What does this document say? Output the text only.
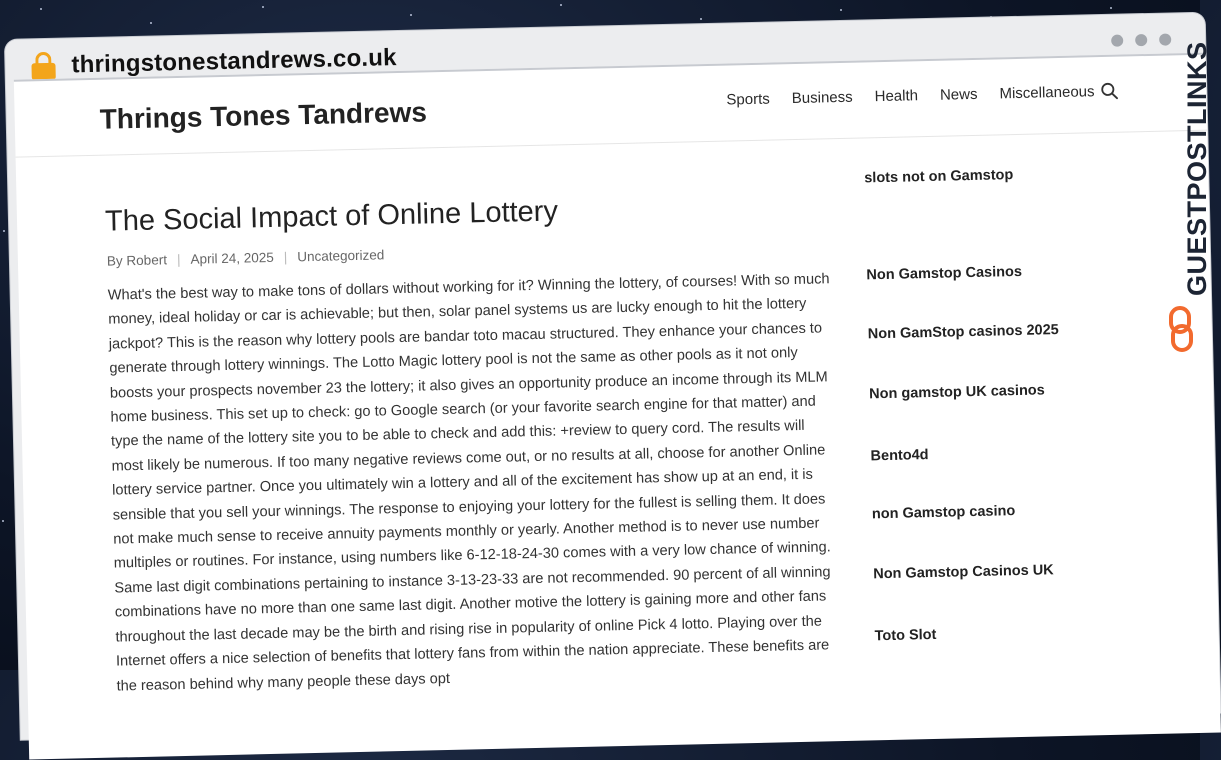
thringstonestandrews.co.uk
Thrings Tones Tandrews	Sports Business Health News Miscellaneous
The Social Impact of Online Lottery
By Robert | April 24, 2025 | Uncategorized

What's the best way to make tons of dollars without working for it? Winning the lottery, of courses! With so much money, ideal holiday or car is achievable; but then, solar panel systems us are lucky enough to hit the lottery jackpot? This is the reason why lottery pools are bandar toto macau structured. They enhance your chances to generate through lottery winnings. The Lotto Magic lottery pool is not the same as other pools as it not only boosts your prospects november 23 the lottery; it also gives an opportunity produce an income through its MLM home business. This set up to check: go to Google search (or your favorite search engine for that matter) and type the name of the lottery site you to be able to check and add this: +review to query cord. The results will most likely be numerous. If too many negative reviews come out, or no results at all, choose for another Online lottery service partner. Once you ultimately win a lottery and all of the excitement has show up at an end, it is sensible that you sell your winnings. The response to enjoying your lottery for the fullest is selling them. It does not make much sense to receive annuity payments monthly or yearly. Another method is to never use number multiples or routines. For instance, using numbers like 6-12-18-24-30 comes with a very low chance of winning. Same last digit combinations pertaining to instance 3-13-23-33 are not recommended. 90 percent of all winning combinations have no more than one same last digit. Another motive the lottery is gaining more and other fans throughout the last decade may be the birth and rising rise in popularity of online Pick 4 lotto. Playing over the Internet offers a nice selection of benefits that lottery fans from within the nation appreciate. These benefits are the reason behind why many people these days opt

slots not on Gamstop
Non Gamstop Casinos
Non GamStop casinos 2025
Non gamstop UK casinos
Bento4d
non Gamstop casino
Non Gamstop Casinos UK
Toto Slot
GUESTPOSTLINKS
